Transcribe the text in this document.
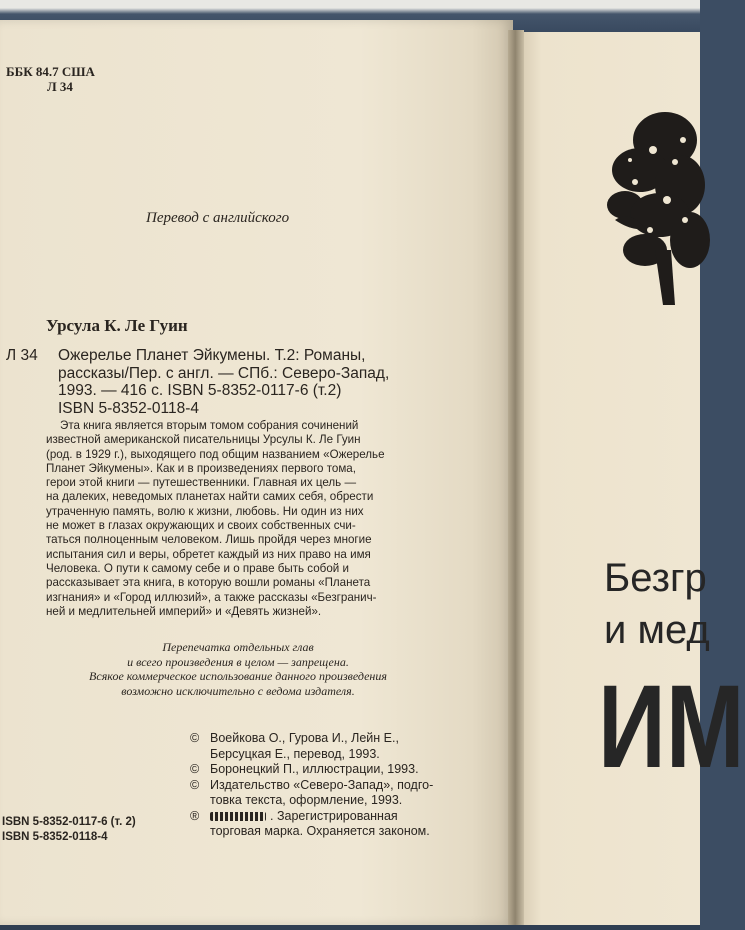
ББК 84.7 США
Л 34
Перевод с английского
Урсула К. Ле Гуин
Л 34	Ожерелье Планет Эйкумены. Т.2: Романы,
рассказы/Пер. с англ. — СПб.: Северо-Запад,
1993. — 416 с. ISBN 5-8352-0117-6 (т.2)
ISBN 5-8352-0118-4
Эта книга является вторым томом собрания сочинений
известной американской писательницы Урсулы К. Ле Гуин
(род. в 1929 г.), выходящего под общим названием «Ожерелье
Планет Эйкумены». Как и в произведениях первого тома,
герои этой книги — путешественники. Главная их цель —
на далеких, неведомых планетах найти самих себя, обрести
утраченную память, волю к жизни, любовь. Ни один из них
не может в глазах окружающих и своих собственных счи-
таться полноценным человеком. Лишь пройдя через многие
испытания сил и веры, обретет каждый из них право на имя
Человека. О пути к самому себе и о праве быть собой и
рассказывает эта книга, в которую вошли романы «Планета
изгнания» и «Город иллюзий», а также рассказы «Безгранич-
ней и медлительней империй» и «Девять жизней».
Перепечатка отдельных глав
и всего произведения в целом — запрещена.
Всякое коммерческое использование данного произведения
возможно исключительно с ведома издателя.
© Воейкова О., Гурова И., Лейн Е.,
Берсуцкая Е., перевод, 1993.
© Боронецкий П., иллюстрации, 1993.
© Издательство «Северо-Запад», подго-
товка текста, оформление, 1993.
®	. Зарегистрированная
торговая марка. Охраняется законом.
ISBN 5-8352-0117-6 (т. 2)
ISBN 5-8352-0118-4
Безгр
и мед
ИМ
